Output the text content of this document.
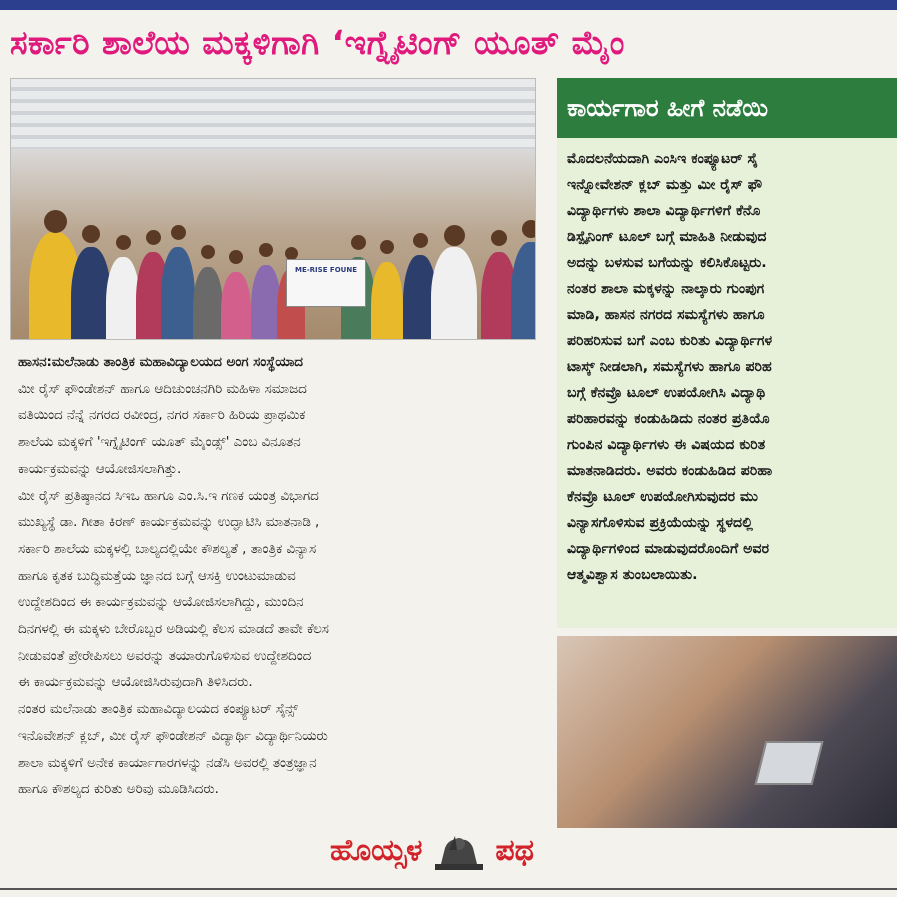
ಸರ್ಕಾರಿ ಶಾಲೆಯ ಮಕ್ಕಳಿಗಾಗಿ ‘ಇಗ್ನೈಟಿಂಗ್ ಯೂತ್ ಮೈಂ
ME-RISE FOUNE
ಕಾರ್ಯಗಾರ ಹೀಗೆ ನಡೆಯಿ

ಮೊದಲನೆಯದಾಗಿ ಎಂಸಿಇ ಕಂಪ್ಯೂಟರ್ ಸೈ

ಇನ್ನೋವೇಶನ್ ಕ್ಲಬ್ ಮತ್ತು ಮೀ ರೈಸ್ ಫೌ

ವಿದ್ಯಾರ್ಥಿಗಳು ಶಾಲಾ ವಿದ್ಯಾರ್ಥಿಗಳಿಗೆ ಕೆನೊ

ಡಿಸ್ಪೈನಿಂಗ್ ಟೂಲ್ ಬಗ್ಗೆ ಮಾಹಿತಿ ನೀಡುವುದ

ಅದನ್ನು ಬಳಸುವ ಬಗೆಯನ್ನು ಕಲಿಸಿಕೊಟ್ಟರು.

ನಂತರ ಶಾಲಾ ಮಕ್ಕಳನ್ನು ನಾಲ್ಕಾರು ಗುಂಪುಗ

ಮಾಡಿ, ಹಾಸನ ನಗರದ ಸಮಸ್ಯೆಗಳು ಹಾಗೂ

ಪರಿಹರಿಸುವ ಬಗೆ ಎಂಬ ಕುರಿತು ವಿದ್ಯಾರ್ಥಿಗಳ

ಟಾಸ್ಕ್ ನೀಡಲಾಗಿ, ಸಮಸ್ಯೆಗಳು ಹಾಗೂ ಪರಿಹ

ಬಗ್ಗೆ ಕೆನವ್ರೊ ಟೂಲ್ ಉಪಯೋಗಿಸಿ ವಿದ್ಯಾಥಿ

ಪರಿಹಾರವನ್ನು ಕಂಡುಹಿಡಿದು ನಂತರ ಪ್ರತಿಯೊ

ಗುಂಪಿನ ವಿದ್ಯಾರ್ಥಿಗಳು ಈ ವಿಷಯದ ಕುರಿತ

ಮಾತನಾಡಿದರು. ಅವರು ಕಂಡುಹಿಡಿದ ಪರಿಹಾ

ಕೆನವ್ರೊ ಟೂಲ್ ಉಪಯೋಗಿಸುವುದರ ಮು

ವಿನ್ಯಾಸಗೊಳಿಸುವ ಪ್ರಕ್ರಿಯೆಯನ್ನು ಸ್ಥಳದಲ್ಲಿ

ವಿದ್ಯಾರ್ಥಿಗಳಿಂದ ಮಾಡುವುದರೊಂದಿಗೆ ಅವರ

ಆತ್ಮವಿಶ್ವಾಸ ತುಂಬಲಾಯಿತು.

ಹಾಸನ:ಮಲೆನಾಡು ತಾಂತ್ರಿಕ ಮಹಾವಿದ್ಯಾಲಯದ ಅಂಗ ಸಂಸ್ಥೆಯಾದ

ಮೀ ರೈಸ್ ಫೌಂಡೇಶನ್ ಹಾಗೂ ಆದಿಚುಂಚನಗಿರಿ ಮಹಿಳಾ ಸಮಾಜದ

ವತಿಯಿಂದ ನೆನ್ನೆ ನಗರದ ರವೀಂದ್ರ, ನಗರ ಸರ್ಕಾರಿ ಹಿರಿಯ ಪ್ರಾಥಮಿಕ

ಶಾಲೆಯ ಮಕ್ಕಳಿಗೆ 'ಇಗ್ನೈಟಿಂಗ್ ಯೂತ್ ಮೈಂಡ್ಸ್' ಎಂಬ ವಿನೂತನ

ಕಾರ್ಯಕ್ರಮವನ್ನು ಆಯೋಜಿಸಲಾಗಿತ್ತು.

ಮೀ ರೈಸ್ ಪ್ರತಿಷ್ಠಾನದ ಸಿಇಒ ಹಾಗೂ ಎಂ.ಸಿ.ಇ ಗಣಕ ಯಂತ್ರ ವಿಭಾಗದ

ಮುಖ್ಯಸ್ಥೆ ಡಾ. ಗೀತಾ ಕಿರಣ್ ಕಾರ್ಯಕ್ರಮವನ್ನು ಉದ್ಘಾಟಿಸಿ ಮಾತನಾಡಿ ,

ಸರ್ಕಾರಿ ಶಾಲೆಯ ಮಕ್ಕಳಲ್ಲಿ ಬಾಲ್ಯದಲ್ಲಿಯೇ ಕೌಶಲ್ಯತೆ , ತಾಂತ್ರಿಕ ವಿನ್ಯಾಸ

ಹಾಗೂ ಕೃತಕ ಬುದ್ಧಿಮತ್ತೆಯ ಜ್ಞಾನದ ಬಗ್ಗೆ ಆಸಕ್ತಿ ಉಂಟುಮಾಡುವ

ಉದ್ದೇಶದಿಂದ ಈ ಕಾರ್ಯಕ್ರಮವನ್ನು ಆಯೋಜಿಸಲಾಗಿದ್ದು, ಮುಂದಿನ

ದಿನಗಳಲ್ಲಿ ಈ ಮಕ್ಕಳು ಬೇರೊಬ್ಬರ ಅಡಿಯಲ್ಲಿ ಕೆಲಸ ಮಾಡದೆ ತಾವೇ ಕೆಲಸ

ನೀಡುವಂತೆ ಪ್ರೇರೇಪಿಸಲು ಅವರನ್ನು ತಯಾರುಗೊಳಿಸುವ ಉದ್ದೇಶದಿಂದ

ಈ ಕಾರ್ಯಕ್ರಮವನ್ನು ಆಯೋಜಿಸಿರುವುದಾಗಿ ತಿಳಿಸಿದರು.

ನಂತರ ಮಲೆನಾಡು ತಾಂತ್ರಿಕ ಮಹಾವಿದ್ಯಾಲಯದ ಕಂಪ್ಯೂಟರ್ ಸೈನ್ಸ್

ಇನೊವೇಶನ್ ಕ್ಲಬ್, ಮೀ ರೈಸ್ ಫೌಂಡೇಶನ್ ವಿದ್ಯಾರ್ಥಿ ವಿದ್ಯಾರ್ಥಿನಿಯರು

ಶಾಲಾ ಮಕ್ಕಳಿಗೆ ಅನೇಕ ಕಾರ್ಯಾಗಾರಗಳನ್ನು ನಡೆಸಿ ಅವರಲ್ಲಿ ತಂತ್ರಜ್ಞಾನ

ಹಾಗೂ ಕೌಶಲ್ಯದ ಕುರಿತು ಅರಿವು ಮೂಡಿಸಿದರು.

ಹೊಯ್ಸಳ ಪಥ
